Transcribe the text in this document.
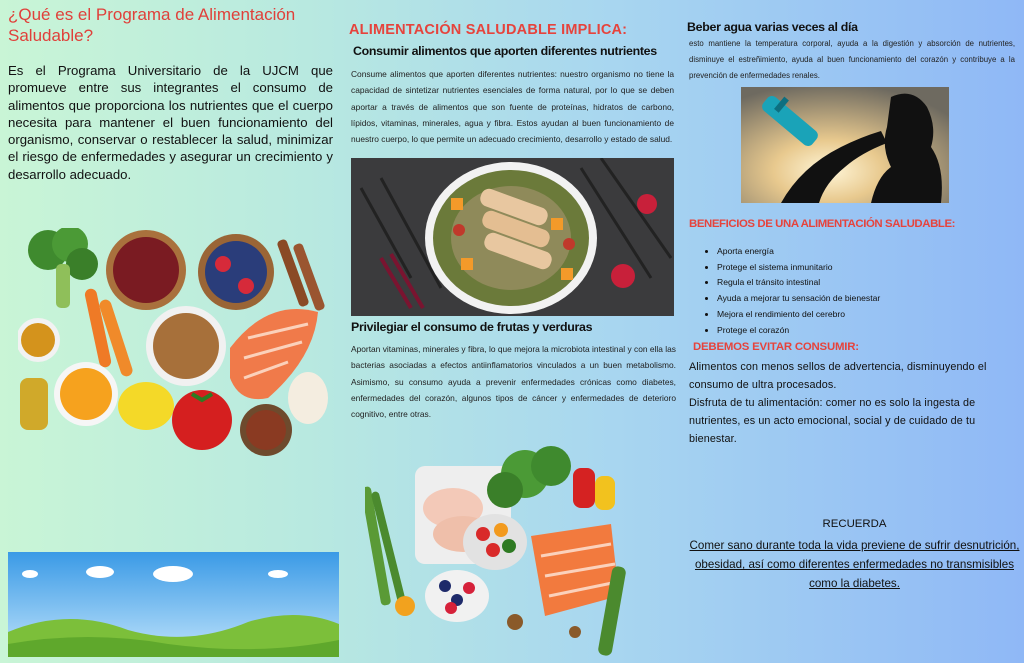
¿Qué es el Programa de Alimentación Saludable?

Es el Programa Universitario de la UJCM que promueve entre sus integrantes el consumo de alimentos que proporciona los nutrientes que el cuerpo necesita para mantener el buen funcionamiento del organismo, conservar o restablecer la salud, minimizar el riesgo de enfermedades y asegurar un crecimiento y desarrollo adecuado.

ALIMENTACIÓN SALUDABLE IMPLICA:
Consumir alimentos que aporten diferentes nutrientes

Consume alimentos que aporten diferentes nutrientes: nuestro organismo no tiene la capacidad de sintetizar nutrientes esenciales de forma natural, por lo que se deben aportar a través de alimentos que son fuente de proteínas, hidratos de carbono, lípidos, vitaminas, minerales, agua y fibra. Estos ayudan al buen funcionamiento de nuestro cuerpo, lo que permite un adecuado crecimiento, desarrollo y estado de salud.

Privilegiar el consumo de frutas y verduras

Aportan vitaminas, minerales y fibra, lo que mejora la microbiota intestinal y con ella las bacterias asociadas a efectos antiinflamatorios vinculados a un buen metabolismo. Asimismo, su consumo ayuda a prevenir enfermedades crónicas como diabetes, enfermedades del corazón, algunos tipos de cáncer y enfermedades de deterioro cognitivo, entre otras.

Beber agua varias veces al día

esto mantiene la temperatura corporal, ayuda a la digestión y absorción de nutrientes, disminuye el estreñimiento, ayuda al buen funcionamiento del corazón y contribuye a la prevención de enfermedades renales.

BENEFICIOS DE UNA ALIMENTACIÓN SALUDABLE:
• Aporta energía
• Protege el sistema inmunitario
• Regula el tránsito intestinal
• Ayuda a mejorar tu sensación de bienestar
• Mejora el rendimiento del cerebro
• Protege el corazón
DEBEMOS EVITAR CONSUMIR:

Alimentos con menos sellos de advertencia, disminuyendo el consumo de ultra procesados.

Disfruta de tu alimentación: comer no es solo la ingesta de nutrientes, es un acto emocional, social y de cuidado de tu bienestar.

RECUERDA

Comer sano durante toda la vida previene de sufrir desnutrición, obesidad, así como diferentes enfermedades no transmisibles como la diabetes.
